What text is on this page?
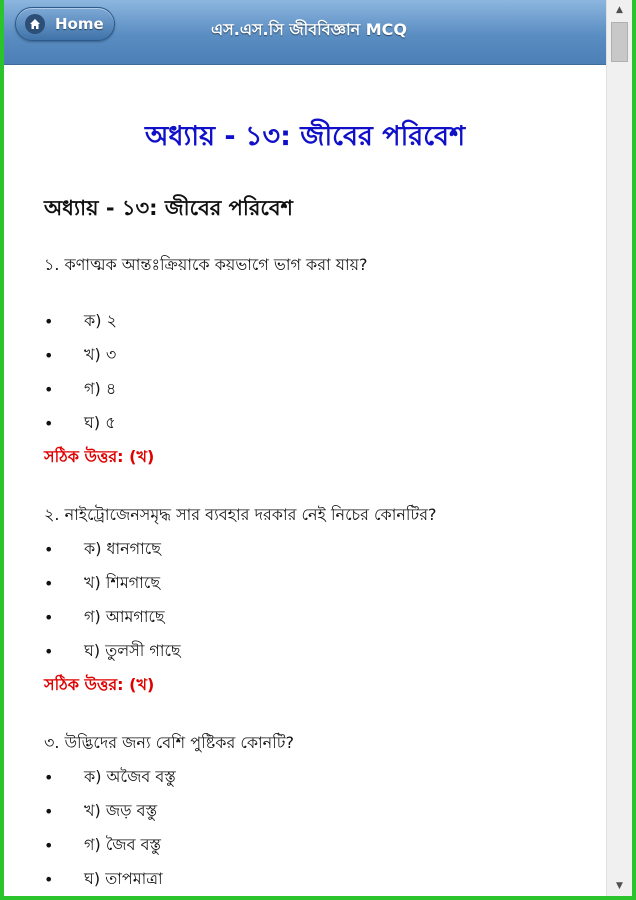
Home	এস.এস.সি জীববিজ্ঞান MCQ
অধ্যায় - ১৩: জীবের পরিবেশ
অধ্যায় - ১৩: জীবের পরিবেশ
১. কণাত্মক আন্তঃক্রিয়াকে কয়ভাগে ভাগ করা যায়?
•	ক) ২
•	খ) ৩
•	গ) ৪
•	ঘ) ৫
সঠিক উত্তর: (খ)
২. নাইট্রোজেনসমৃদ্ধ সার ব্যবহার দরকার নেই নিচের কোনটির?
•	ক) ধানগাছে
•	খ) শিমগাছে
•	গ) আমগাছে
•	ঘ) তুলসী গাছে
সঠিক উত্তর: (খ)
৩. উদ্ভিদের জন্য বেশি পুষ্টিকর কোনটি?
•	ক) অজৈব বস্তু
•	খ) জড় বস্তু
•	গ) জৈব বস্তু
•	ঘ) তাপমাত্রা
▲
▼
